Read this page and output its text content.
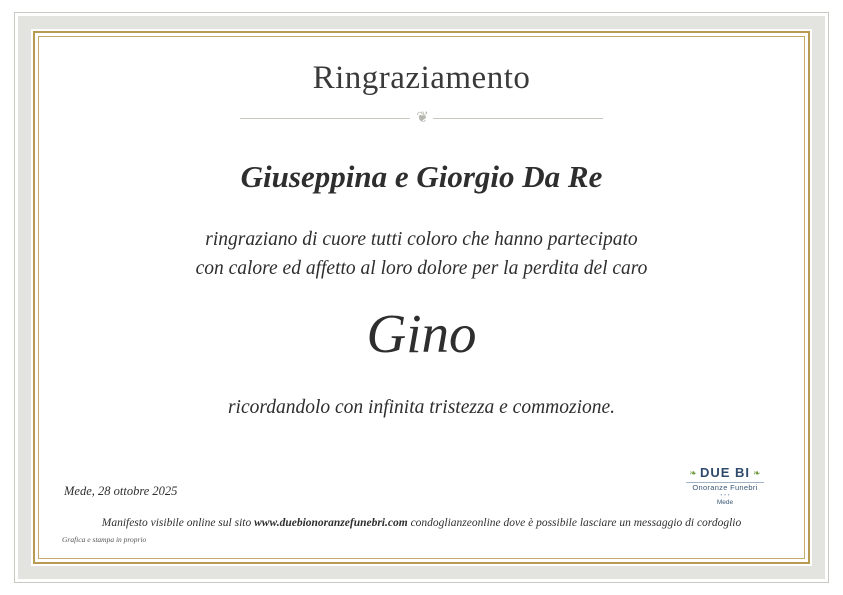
Ringraziamento
❦
Giuseppina e Giorgio Da Re
ringraziano di cuore tutti coloro che hanno partecipato
con calore ed affetto al loro dolore per la perdita del caro
Gino
ricordandolo con infinita tristezza e commozione.
Mede, 28 ottobre 2025
❧ DUE BI ❧
Onoranze Funebri
• • •
Mede
Manifesto visibile online sul sito www.duebionoranzefunebri.com condoglianzeonline dove è possibile lasciare un messaggio di cordoglio
Grafica e stampa in proprio
